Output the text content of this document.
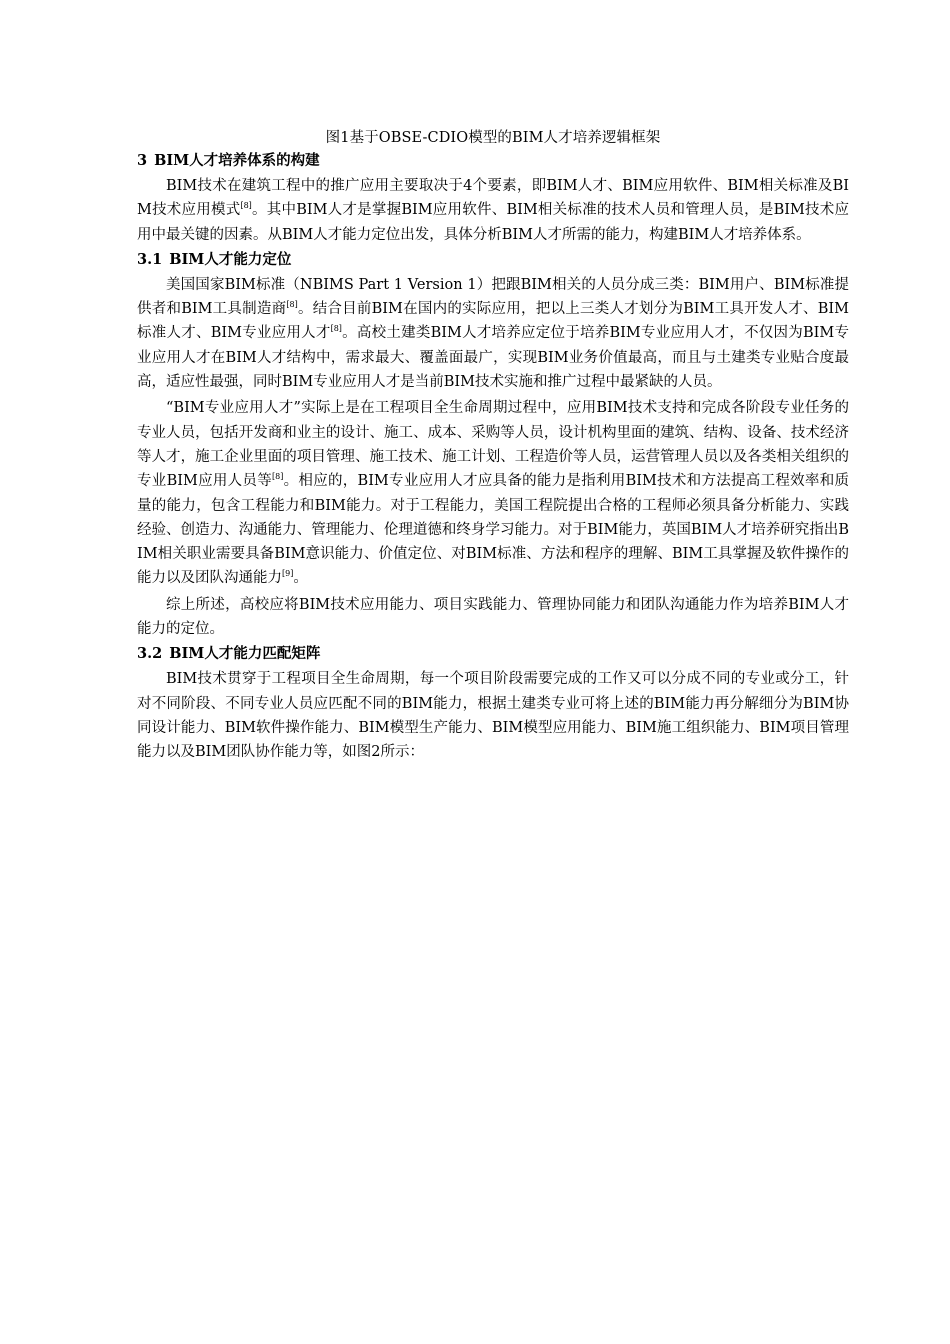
图1基于OBSE-CDIO模型的BIM人才培养逻辑框架

3 BIM人才培养体系的构建

BIM技术在建筑工程中的推广应用主要取决于4个要素，即BIM人才、BIM应用软件、BIM相关标准及BIM技术应用模式[8]。其中BIM人才是掌握BIM应用软件、BIM相关标准的技术人员和管理人员，是BIM技术应用中最关键的因素。从BIM人才能力定位出发，具体分析BIM人才所需的能力，构建BIM人才培养体系。

3.1 BIM人才能力定位

美国国家BIM标准（NBIMS Part 1 Version 1）把跟BIM相关的人员分成三类：BIM用户、BIM标准提供者和BIM工具制造商[8]。结合目前BIM在国内的实际应用，把以上三类人才划分为BIM工具开发人才、BIM标准人才、BIM专业应用人才[8]。高校土建类BIM人才培养应定位于培养BIM专业应用人才，不仅因为BIM专业应用人才在BIM人才结构中，需求最大、覆盖面最广，实现BIM业务价值最高，而且与土建类专业贴合度最高，适应性最强，同时BIM专业应用人才是当前BIM技术实施和推广过程中最紧缺的人员。

“BIM专业应用人才”实际上是在工程项目全生命周期过程中，应用BIM技术支持和完成各阶段专业任务的专业人员，包括开发商和业主的设计、施工、成本、采购等人员，设计机构里面的建筑、结构、设备、技术经济等人才，施工企业里面的项目管理、施工技术、施工计划、工程造价等人员，运营管理人员以及各类相关组织的专业BIM应用人员等[8]。相应的，BIM专业应用人才应具备的能力是指利用BIM技术和方法提高工程效率和质量的能力，包含工程能力和BIM能力。对于工程能力，美国工程院提出合格的工程师必须具备分析能力、实践经验、创造力、沟通能力、管理能力、伦理道德和终身学习能力。对于BIM能力，英国BIM人才培养研究指出BIM相关职业需要具备BIM意识能力、价值定位、对BIM标准、方法和程序的理解、BIM工具掌握及软件操作的能力以及团队沟通能力[9]。

综上所述，高校应将BIM技术应用能力、项目实践能力、管理协同能力和团队沟通能力作为培养BIM人才能力的定位。

3.2 BIM人才能力匹配矩阵

BIM技术贯穿于工程项目全生命周期，每一个项目阶段需要完成的工作又可以分成不同的专业或分工，针对不同阶段、不同专业人员应匹配不同的BIM能力，根据土建类专业可将上述的BIM能力再分解细分为BIM协同设计能力、BIM软件操作能力、BIM模型生产能力、BIM模型应用能力、BIM施工组织能力、BIM项目管理能力以及BIM团队协作能力等，如图2所示：
